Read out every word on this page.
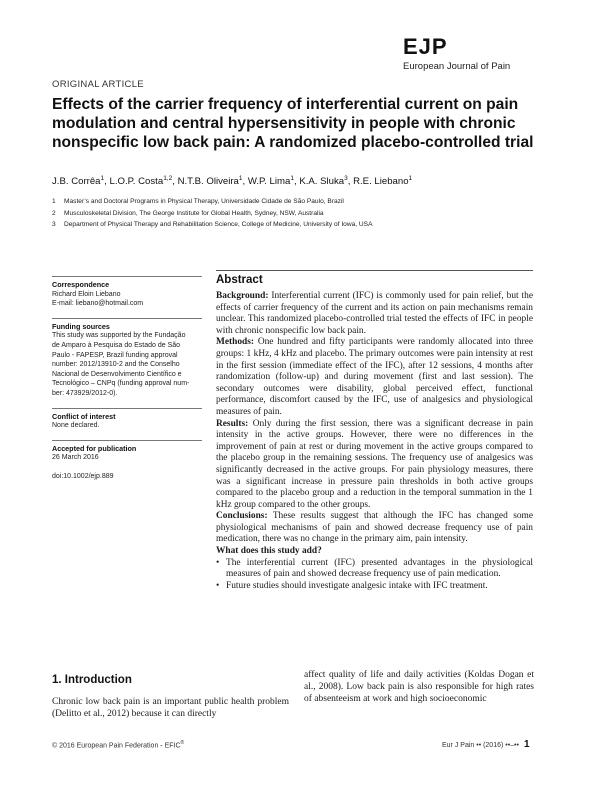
EJP
European Journal of Pain
ORIGINAL ARTICLE
Effects of the carrier frequency of interferential current on pain modulation and central hypersensitivity in people with chronic nonspecific low back pain: A randomized placebo-controlled trial
J.B. Corrêa$^1$, L.O.P. Costa$^{1,2}$, N.T.B. Oliveira$^1$, W.P. Lima$^1$, K.A. Sluka$^3$, R.E. Liebano$^1$
1	Master’s and Doctoral Programs in Physical Therapy, Universidade Cidade de São Paulo, Brazil
2	Musculoskeletal Division, The George Institute for Global Health, Sydney, NSW, Australia
3	Department of Physical Therapy and Rehabilitation Science, College of Medicine, University of Iowa, USA
Correspondence
Richard Eloin Liebano
E-mail: liebano@hotmail.com
Funding sources
This study was supported by the Fundação
de Amparo à Pesquisa do Estado de São
Paulo - FAPESP, Brazil funding approval
number: 2012/13910-2 and the Conselho
Nacional de Desenvolvimento Científico e
Tecnológico – CNPq (funding approval num-
ber: 473929/2012-0).
Conflict of interest
None declared.
Accepted for publication
26 March 2016
doi:10.1002/ejp.889
Abstract

Background: Interferential current (IFC) is commonly used for pain relief, but the effects of carrier frequency of the current and its action on pain mechanisms remain unclear. This randomized placebo-controlled trial tested the effects of IFC in people with chronic nonspecific low back pain.

Methods: One hundred and fifty participants were randomly allocated into three groups: 1 kHz, 4 kHz and placebo. The primary outcomes were pain intensity at rest in the first session (immediate effect of the IFC), after 12 sessions, 4 months after randomization (follow-up) and during movement (first and last session). The secondary outcomes were disability, global perceived effect, functional performance, discomfort caused by the IFC, use of analgesics and physiological measures of pain.

Results: Only during the first session, there was a significant decrease in pain intensity in the active groups. However, there were no differences in the improvement of pain at rest or during movement in the active groups compared to the placebo group in the remaining sessions. The frequency use of analgesics was significantly decreased in the active groups. For pain physiology measures, there was a significant increase in pressure pain thresholds in both active groups compared to the placebo group and a reduction in the temporal summation in the 1 kHz group compared to the other groups.

Conclusions: These results suggest that although the IFC has changed some physiological mechanisms of pain and showed decrease frequency use of pain medication, there was no change in the primary aim, pain intensity.

What does this study add?

• The interferential current (IFC) presented advantages in the physiological measures of pain and showed decrease frequency use of pain medication.
• Future studies should investigate analgesic intake with IFC treatment.
1. Introduction
Chronic low back pain is an important public health problem (Delitto et al., 2012) because it can directly
affect quality of life and daily activities (Koldas Dogan et al., 2008). Low back pain is also responsible for high rates of absenteeism at work and high socioeconomic
© 2016 European Pain Federation - EFIC®	Eur J Pain •• (2016) ••–•• 1
